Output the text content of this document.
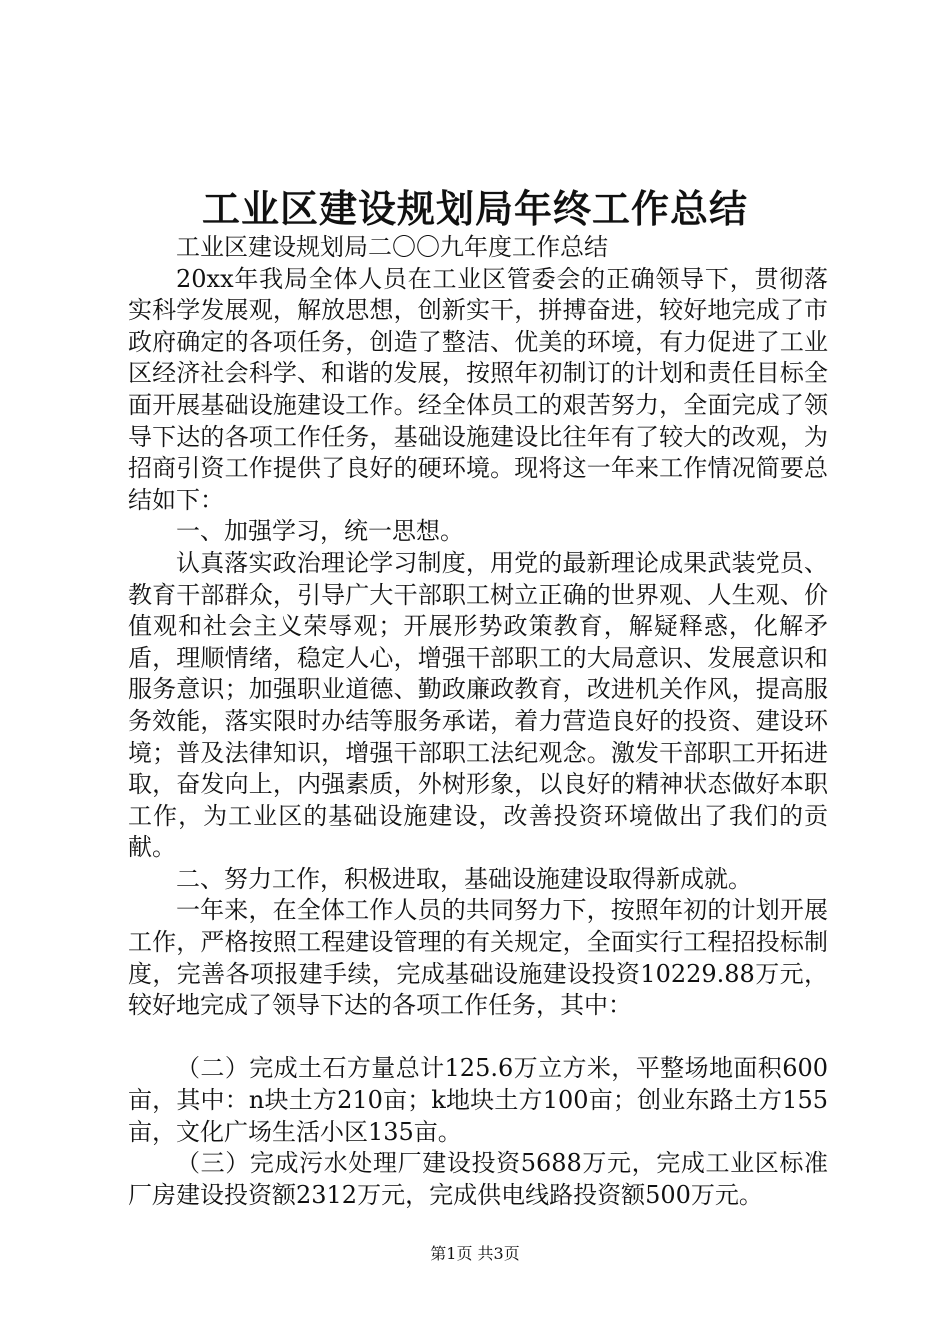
工业区建设规划局年终工作总结

工业区建设规划局二〇〇九年度工作总结

20xx年我局全体人员在工业区管委会的正确领导下，贯彻落实科学发展观，解放思想，创新实干，拼搏奋进，较好地完成了市政府确定的各项任务，创造了整洁、优美的环境，有力促进了工业区经济社会科学、和谐的发展，按照年初制订的计划和责任目标全面开展基础设施建设工作。经全体员工的艰苦努力，全面完成了领导下达的各项工作任务，基础设施建设比往年有了较大的改观，为招商引资工作提供了良好的硬环境。现将这一年来工作情况简要总结如下：

一、加强学习，统一思想。

认真落实政治理论学习制度，用党的最新理论成果武装党员、教育干部群众，引导广大干部职工树立正确的世界观、人生观、价值观和社会主义荣辱观；开展形势政策教育，解疑释惑，化解矛盾，理顺情绪，稳定人心，增强干部职工的大局意识、发展意识和服务意识；加强职业道德、勤政廉政教育，改进机关作风，提高服务效能，落实限时办结等服务承诺，着力营造良好的投资、建设环境；普及法律知识，增强干部职工法纪观念。激发干部职工开拓进取，奋发向上，内强素质，外树形象，以良好的精神状态做好本职工作，为工业区的基础设施建设，改善投资环境做出了我们的贡献。

二、努力工作，积极进取，基础设施建设取得新成就。

一年来，在全体工作人员的共同努力下，按照年初的计划开展工作，严格按照工程建设管理的有关规定，全面实行工程招投标制度，完善各项报建手续，完成基础设施建设投资10229.88万元，较好地完成了领导下达的各项工作任务，其中：

（二）完成土石方量总计125.6万立方米，平整场地面积600亩，其中：n块土方210亩；k地块土方100亩；创业东路土方155亩，文化广场生活小区135亩。

（三）完成污水处理厂建设投资5688万元，完成工业区标准厂房建设投资额2312万元，完成供电线路投资额500万元。

第1页 共3页
